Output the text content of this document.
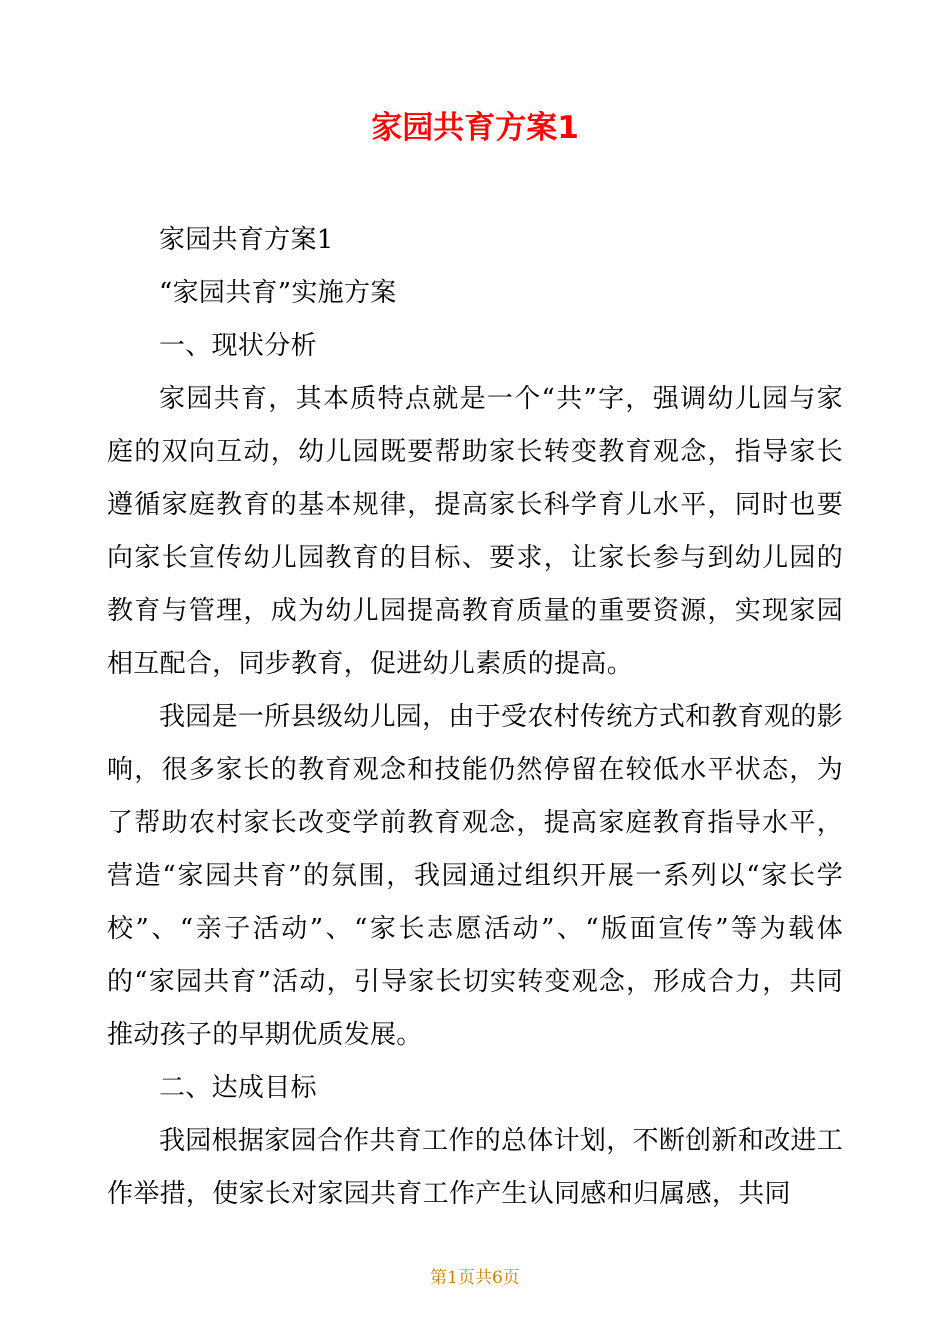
家园共育方案1

家园共育方案1

“家园共育”实施方案

一、现状分析

家园共育，其本质特点就是一个“共”字，强调幼儿园与家庭的双向互动，幼儿园既要帮助家长转变教育观念，指导家长遵循家庭教育的基本规律，提高家长科学育儿水平，同时也要向家长宣传幼儿园教育的目标、要求，让家长参与到幼儿园的教育与管理，成为幼儿园提高教育质量的重要资源，实现家园相互配合，同步教育，促进幼儿素质的提高。

我园是一所县级幼儿园，由于受农村传统方式和教育观的影响，很多家长的教育观念和技能仍然停留在较低水平状态，为了帮助农村家长改变学前教育观念，提高家庭教育指导水平，营造“家园共育”的氛围，我园通过组织开展一系列以“家长学校”、“亲子活动”、“家长志愿活动”、“版面宣传”等为载体的“家园共育”活动，引导家长切实转变观念，形成合力，共同推动孩子的早期优质发展。

二、达成目标

我园根据家园合作共育工作的总体计划，不断创新和改进工作举措，使家长对家园共育工作产生认同感和归属感，共同

第1页共6页
